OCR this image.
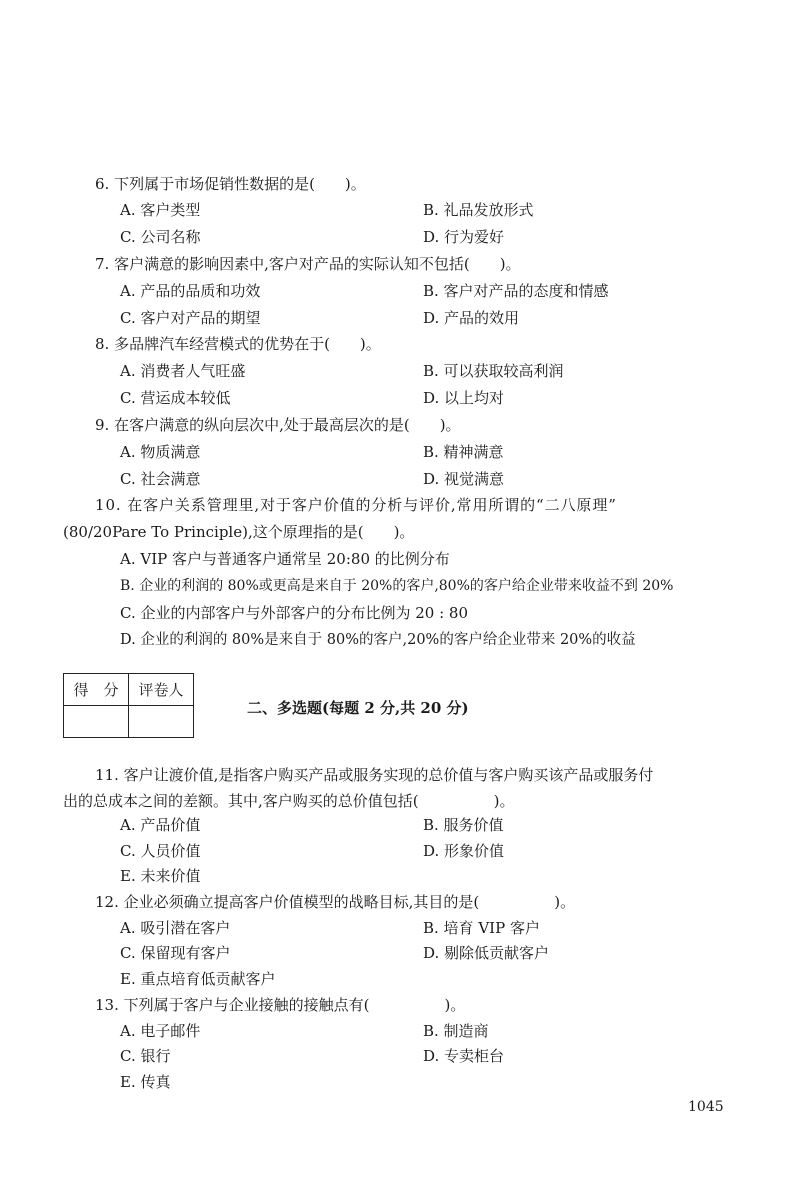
6. 下列属于市场促销性数据的是(　　)。
A. 客户类型	B. 礼品发放形式
C. 公司名称	D. 行为爱好
7. 客户满意的影响因素中,客户对产品的实际认知不包括(　　)。
A. 产品的品质和功效	B. 客户对产品的态度和情感
C. 客户对产品的期望	D. 产品的效用
8. 多品牌汽车经营模式的优势在于(　　)。
A. 消费者人气旺盛	B. 可以获取较高利润
C. 营运成本较低	D. 以上均对
9. 在客户满意的纵向层次中,处于最高层次的是(　　)。
A. 物质满意	B. 精神满意
C. 社会满意	D. 视觉满意
10. 在客户关系管理里,对于客户价值的分析与评价,常用所谓的“二八原理”
(80/20Pare To Principle),这个原理指的是(　　)。
A. VIP 客户与普通客户通常呈 20:80 的比例分布
B. 企业的利润的 80%或更高是来自于 20%的客户,80%的客户给企业带来收益不到 20%
C. 企业的内部客户与外部客户的分布比例为 20 : 80
D. 企业的利润的 80%是来自于 80%的客户,20%的客户给企业带来 20%的收益
得　分	评卷人

二、多选题(每题 2 分,共 20 分)
11. 客户让渡价值,是指客户购买产品或服务实现的总价值与客户购买该产品或服务付
出的总成本之间的差额。其中,客户购买的总价值包括(　　　　　)。
A. 产品价值	B. 服务价值
C. 人员价值	D. 形象价值
E. 未来价值
12. 企业必须确立提高客户价值模型的战略目标,其目的是(　　　　　)。
A. 吸引潜在客户	B. 培育 VIP 客户
C. 保留现有客户	D. 剔除低贡献客户
E. 重点培育低贡献客户
13. 下列属于客户与企业接触的接触点有(　　　　　)。
A. 电子邮件	B. 制造商
C. 银行	D. 专卖柜台
E. 传真
1045
